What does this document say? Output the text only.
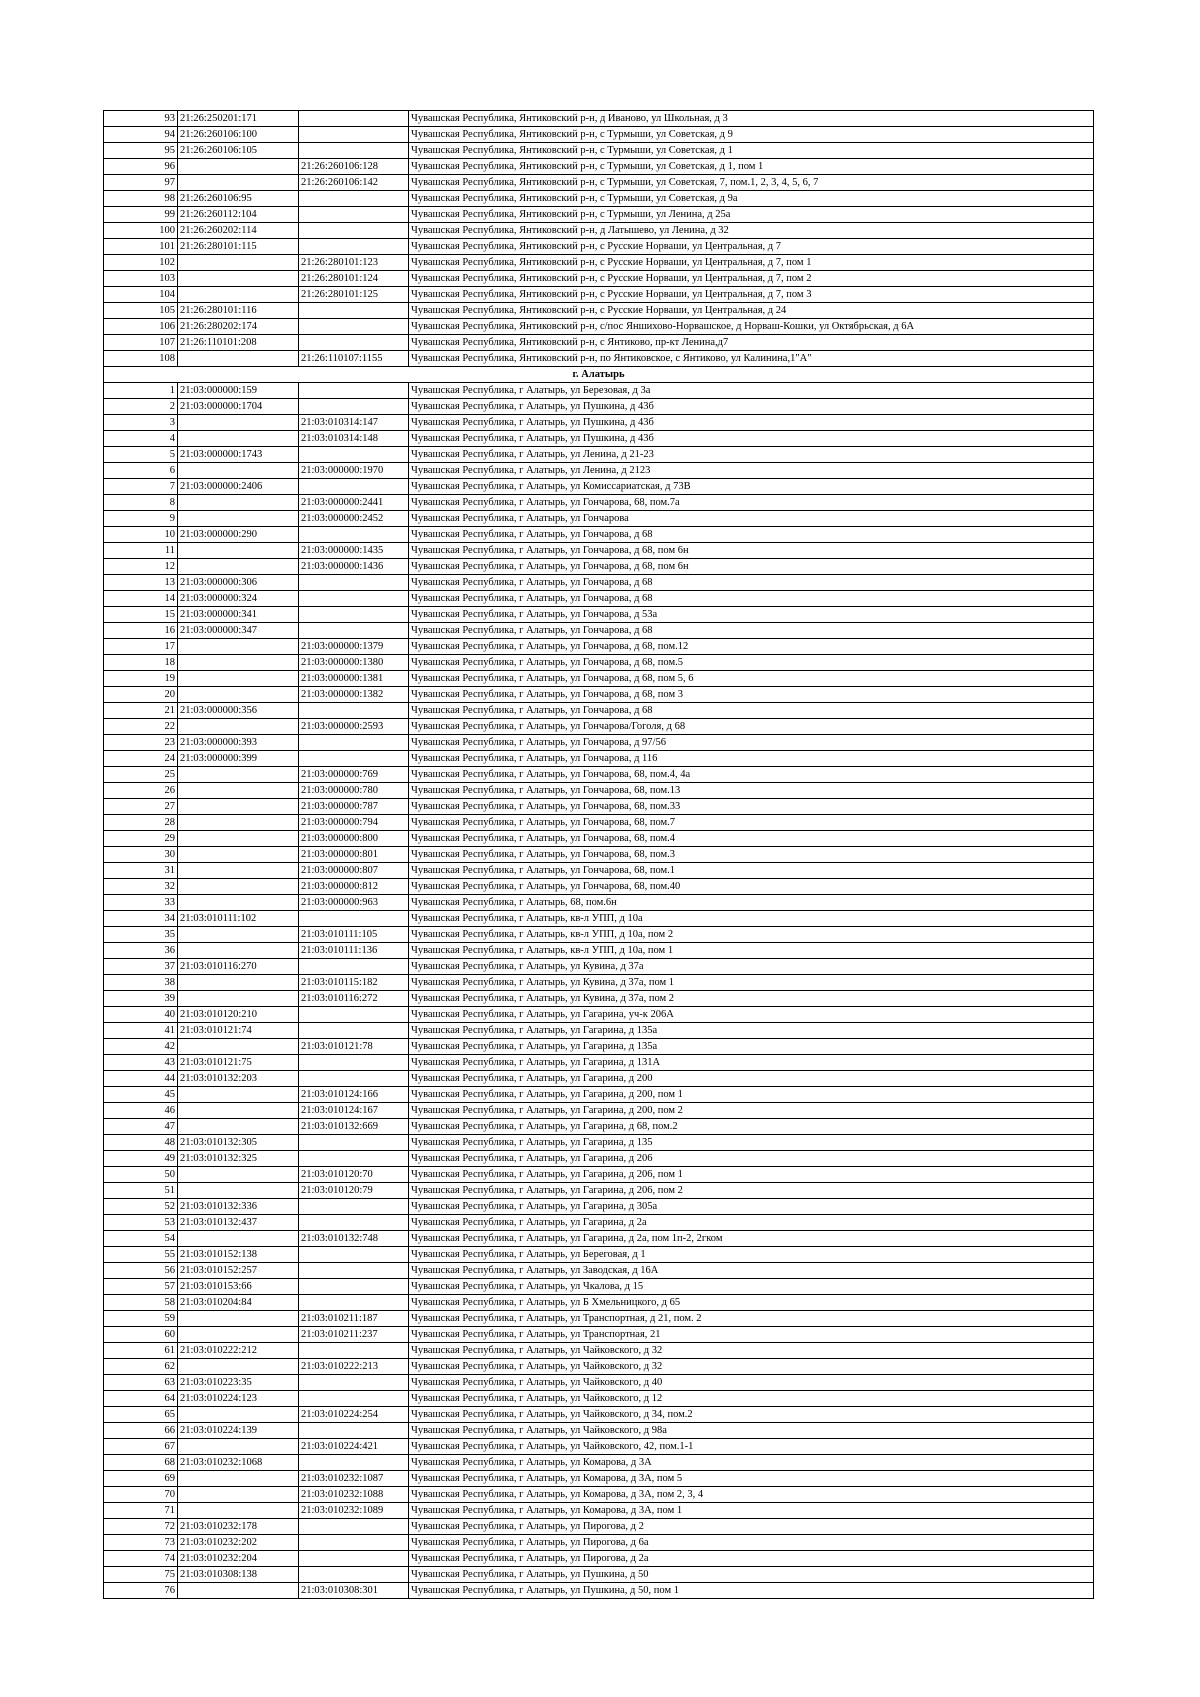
93	21:26:250201:171		Чувашская Республика, Янтиковский р-н, д Иваново, ул Школьная, д 3
94	21:26:260106:100		Чувашская Республика, Янтиковский р-н, с Турмыши, ул Советская, д 9
95	21:26:260106:105		Чувашская Республика, Янтиковский р-н, с Турмыши, ул Советская, д 1
96		21:26:260106:128	Чувашская Республика, Янтиковский р-н, с Турмыши, ул Советская, д 1, пом 1
97		21:26:260106:142	Чувашская Республика, Янтиковский р-н, с Турмыши, ул Советская, 7, пом.1, 2, 3, 4, 5, 6, 7
98	21:26:260106:95		Чувашская Республика, Янтиковский р-н, с Турмыши, ул Советская, д 9а
99	21:26:260112:104		Чувашская Республика, Янтиковский р-н, с Турмыши, ул Ленина, д 25а
100	21:26:260202:114		Чувашская Республика, Янтиковский р-н, д Латышево, ул Ленина, д 32
101	21:26:280101:115		Чувашская Республика, Янтиковский р-н, с Русские Норваши, ул Центральная, д 7
102		21:26:280101:123	Чувашская Республика, Янтиковский р-н, с Русские Норваши, ул Центральная, д 7, пом 1
103		21:26:280101:124	Чувашская Республика, Янтиковский р-н, с Русские Норваши, ул Центральная, д 7, пом 2
104		21:26:280101:125	Чувашская Республика, Янтиковский р-н, с Русские Норваши, ул Центральная, д 7, пом 3
105	21:26:280101:116		Чувашская Республика, Янтиковский р-н, с Русские Норваши, ул Центральная, д 24
106	21:26:280202:174		Чувашская Республика, Янтиковский р-н, с/пос Яншихово-Норвашское, д Норваш-Кошки, ул Октябрьская, д 6А
107	21:26:110101:208		Чувашская Республика, Янтиковский р-н, с Янтиково, пр-кт Ленина,д7
108		21:26:110107:1155	Чувашская Республика, Янтиковский р-н, по Янтиковское, с Янтиково, ул Калинина,1"А"
г. Алатырь			
1	21:03:000000:159		Чувашская Республика, г Алатырь, ул Березовая, д 3а
2	21:03:000000:1704		Чувашская Республика, г Алатырь, ул Пушкина, д 43б
3		21:03:010314:147	Чувашская Республика, г Алатырь, ул Пушкина, д 43б
4		21:03:010314:148	Чувашская Республика, г Алатырь, ул Пушкина, д 43б
5	21:03:000000:1743		Чувашская Республика, г Алатырь, ул Ленина, д 21-23
6		21:03:000000:1970	Чувашская Республика, г Алатырь, ул Ленина, д 2123
7	21:03:000000:2406		Чувашская Республика, г Алатырь, ул Комиссариатская, д 73В
8		21:03:000000:2441	Чувашская Республика, г Алатырь, ул Гончарова, 68, пом.7а
9		21:03:000000:2452	Чувашская Республика, г Алатырь, ул Гончарова
10	21:03:000000:290		Чувашская Республика, г Алатырь, ул Гончарова, д 68
11		21:03:000000:1435	Чувашская Республика, г Алатырь, ул Гончарова, д 68, пом 6н
12		21:03:000000:1436	Чувашская Республика, г Алатырь, ул Гончарова, д 68, пом 6н
13	21:03:000000:306		Чувашская Республика, г Алатырь, ул Гончарова, д 68
14	21:03:000000:324		Чувашская Республика, г Алатырь, ул Гончарова, д 68
15	21:03:000000:341		Чувашская Республика, г Алатырь, ул Гончарова, д 53а
16	21:03:000000:347		Чувашская Республика, г Алатырь, ул Гончарова, д 68
17		21:03:000000:1379	Чувашская Республика, г Алатырь, ул Гончарова, д 68, пом.12
18		21:03:000000:1380	Чувашская Республика, г Алатырь, ул Гончарова, д 68, пом.5
19		21:03:000000:1381	Чувашская Республика, г Алатырь, ул Гончарова, д 68, пом 5, 6
20		21:03:000000:1382	Чувашская Республика, г Алатырь, ул Гончарова, д 68, пом 3
21	21:03:000000:356		Чувашская Республика, г Алатырь, ул Гончарова, д 68
22		21:03:000000:2593	Чувашская Республика, г Алатырь, ул Гончарова/Гоголя, д 68
23	21:03:000000:393		Чувашская Республика, г Алатырь, ул Гончарова, д 97/56
24	21:03:000000:399		Чувашская Республика, г Алатырь, ул Гончарова, д 116
25		21:03:000000:769	Чувашская Республика, г Алатырь, ул Гончарова, 68, пом.4, 4а
26		21:03:000000:780	Чувашская Республика, г Алатырь, ул Гончарова, 68, пом.13
27		21:03:000000:787	Чувашская Республика, г Алатырь, ул Гончарова, 68, пом.33
28		21:03:000000:794	Чувашская Республика, г Алатырь, ул Гончарова, 68, пом.7
29		21:03:000000:800	Чувашская Республика, г Алатырь, ул Гончарова, 68, пом.4
30		21:03:000000:801	Чувашская Республика, г Алатырь, ул Гончарова, 68, пом.3
31		21:03:000000:807	Чувашская Республика, г Алатырь, ул Гончарова, 68, пом.1
32		21:03:000000:812	Чувашская Республика, г Алатырь, ул Гончарова, 68, пом.40
33		21:03:000000:963	Чувашская Республика, г Алатырь, 68, пом.6н
34	21:03:010111:102		Чувашская Республика, г Алатырь, кв-л УПП, д 10а
35		21:03:010111:105	Чувашская Республика, г Алатырь, кв-л УПП, д 10а, пом 2
36		21:03:010111:136	Чувашская Республика, г Алатырь, кв-л УПП, д 10а, пом 1
37	21:03:010116:270		Чувашская Республика, г Алатырь, ул Кувина, д 37а
38		21:03:010115:182	Чувашская Республика, г Алатырь, ул Кувина, д 37а, пом 1
39		21:03:010116:272	Чувашская Республика, г Алатырь, ул Кувина, д 37а, пом 2
40	21:03:010120:210		Чувашская Республика, г Алатырь, ул Гагарина, уч-к 206А
41	21:03:010121:74		Чувашская Республика, г Алатырь, ул Гагарина, д 135а
42		21:03:010121:78	Чувашская Республика, г Алатырь, ул Гагарина, д 135а
43	21:03:010121:75		Чувашская Республика, г Алатырь, ул Гагарина, д 131А
44	21:03:010132:203		Чувашская Республика, г Алатырь, ул Гагарина, д 200
45		21:03:010124:166	Чувашская Республика, г Алатырь, ул Гагарина, д 200, пом 1
46		21:03:010124:167	Чувашская Республика, г Алатырь, ул Гагарина, д 200, пом 2
47		21:03:010132:669	Чувашская Республика, г Алатырь, ул Гагарина, д 68, пом.2
48	21:03:010132:305		Чувашская Республика, г Алатырь, ул Гагарина, д 135
49	21:03:010132:325		Чувашская Республика, г Алатырь, ул Гагарина, д 206
50		21:03:010120:70	Чувашская Республика, г Алатырь, ул Гагарина, д 206, пом 1
51		21:03:010120:79	Чувашская Республика, г Алатырь, ул Гагарина, д 206, пом 2
52	21:03:010132:336		Чувашская Республика, г Алатырь, ул Гагарина, д 305а
53	21:03:010132:437		Чувашская Республика, г Алатырь, ул Гагарина, д 2а
54		21:03:010132:748	Чувашская Республика, г Алатырь, ул Гагарина, д 2а, пом 1п-2, 2гком
55	21:03:010152:138		Чувашская Республика, г Алатырь, ул Береговая, д 1
56	21:03:010152:257		Чувашская Республика, г Алатырь, ул Заводская, д 16А
57	21:03:010153:66		Чувашская Республика, г Алатырь, ул Чкалова, д 15
58	21:03:010204:84		Чувашская Республика, г Алатырь, ул Б Хмельницкого, д 65
59		21:03:010211:187	Чувашская Республика, г Алатырь, ул Транспортная, д 21, пом. 2
60		21:03:010211:237	Чувашская Республика, г Алатырь, ул Транспортная, 21
61	21:03:010222:212		Чувашская Республика, г Алатырь, ул Чайковского, д 32
62		21:03:010222:213	Чувашская Республика, г Алатырь, ул Чайковского, д 32
63	21:03:010223:35		Чувашская Республика, г Алатырь, ул Чайковского, д 40
64	21:03:010224:123		Чувашская Республика, г Алатырь, ул Чайковского, д 12
65		21:03:010224:254	Чувашская Республика, г Алатырь, ул Чайковского, д 34, пом.2
66	21:03:010224:139		Чувашская Республика, г Алатырь, ул Чайковского, д 98а
67		21:03:010224:421	Чувашская Республика, г Алатырь, ул Чайковского, 42, пом.1-1
68	21:03:010232:1068		Чувашская Республика, г Алатырь, ул Комарова, д 3А
69		21:03:010232:1087	Чувашская Республика, г Алатырь, ул Комарова, д 3А, пом 5
70		21:03:010232:1088	Чувашская Республика, г Алатырь, ул Комарова, д 3А, пом 2, 3, 4
71		21:03:010232:1089	Чувашская Республика, г Алатырь, ул Комарова, д 3А, пом 1
72	21:03:010232:178		Чувашская Республика, г Алатырь, ул Пирогова, д 2
73	21:03:010232:202		Чувашская Республика, г Алатырь, ул Пирогова, д 6а
74	21:03:010232:204		Чувашская Республика, г Алатырь, ул Пирогова, д 2а
75	21:03:010308:138		Чувашская Республика, г Алатырь, ул Пушкина, д 50
76		21:03:010308:301	Чувашская Республика, г Алатырь, ул Пушкина, д 50, пом 1
